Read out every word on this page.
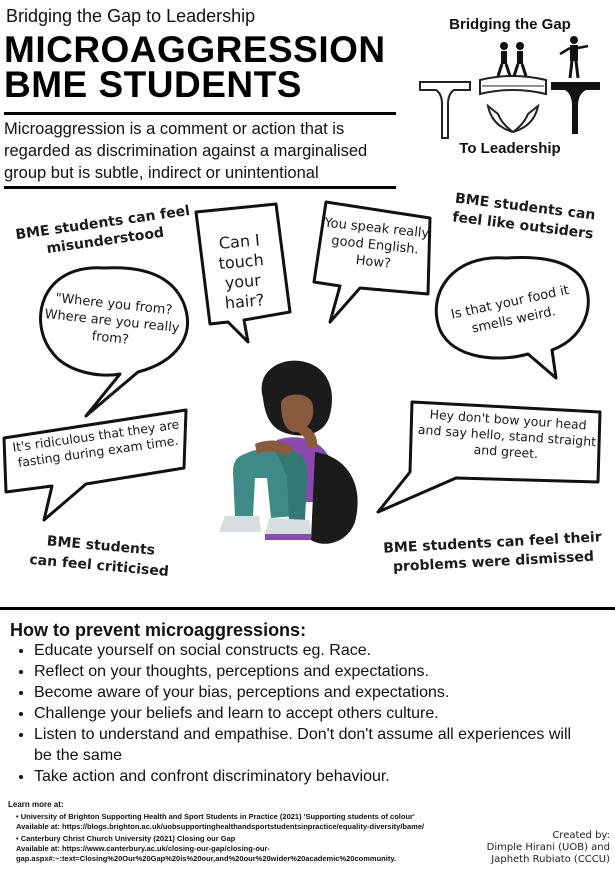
Bridging the Gap to Leadership
MICROAGGRESSION
BME STUDENTS
Microaggression is a comment or action that is regarded as discrimination against a marginalised group but is subtle, indirect or unintentional
Bridging the Gap
To Leadership
BME students can feel misunderstood
BME students can feel like outsiders
BME students can feel criticised
BME students can feel their problems were dismissed
Can I touch your hair?
You speak really good English. How?
"Where you from? Where are you really from?
Is that your food it smells weird.
It's ridiculous that they are fasting during exam time.
Hey don't bow your head and say hello, stand straight and greet.
How to prevent microaggressions:
• Educate yourself on social constructs eg. Race.
• Reflect on your thoughts, perceptions and expectations.
• Become aware of your bias, perceptions and expectations.
• Challenge your beliefs and learn to accept others culture.
• Listen to understand and empathise. Don't don't assume all experiences will be the same
• Take action and confront discriminatory behaviour.
Learn more at:
• University of Brighton Supporting Health and Sport Students in Practice (2021) 'Supporting students of colour'
Available at: https://blogs.brighton.ac.uk/uobsupportinghealthandsportstudentsinpractice/equality-diversity/bame/
• Canterbury Christ Church University (2021) Closing our Gap
Available at: https://www.canterbury.ac.uk/closing-our-gap/closing-our-gap.aspx#:~:text=Closing%20Our%20Gap%20is%20our,and%20our%20wider%20academic%20community.
Created by:
Dimple Hirani (UOB) and
Japheth Rubiato (CCCU)
